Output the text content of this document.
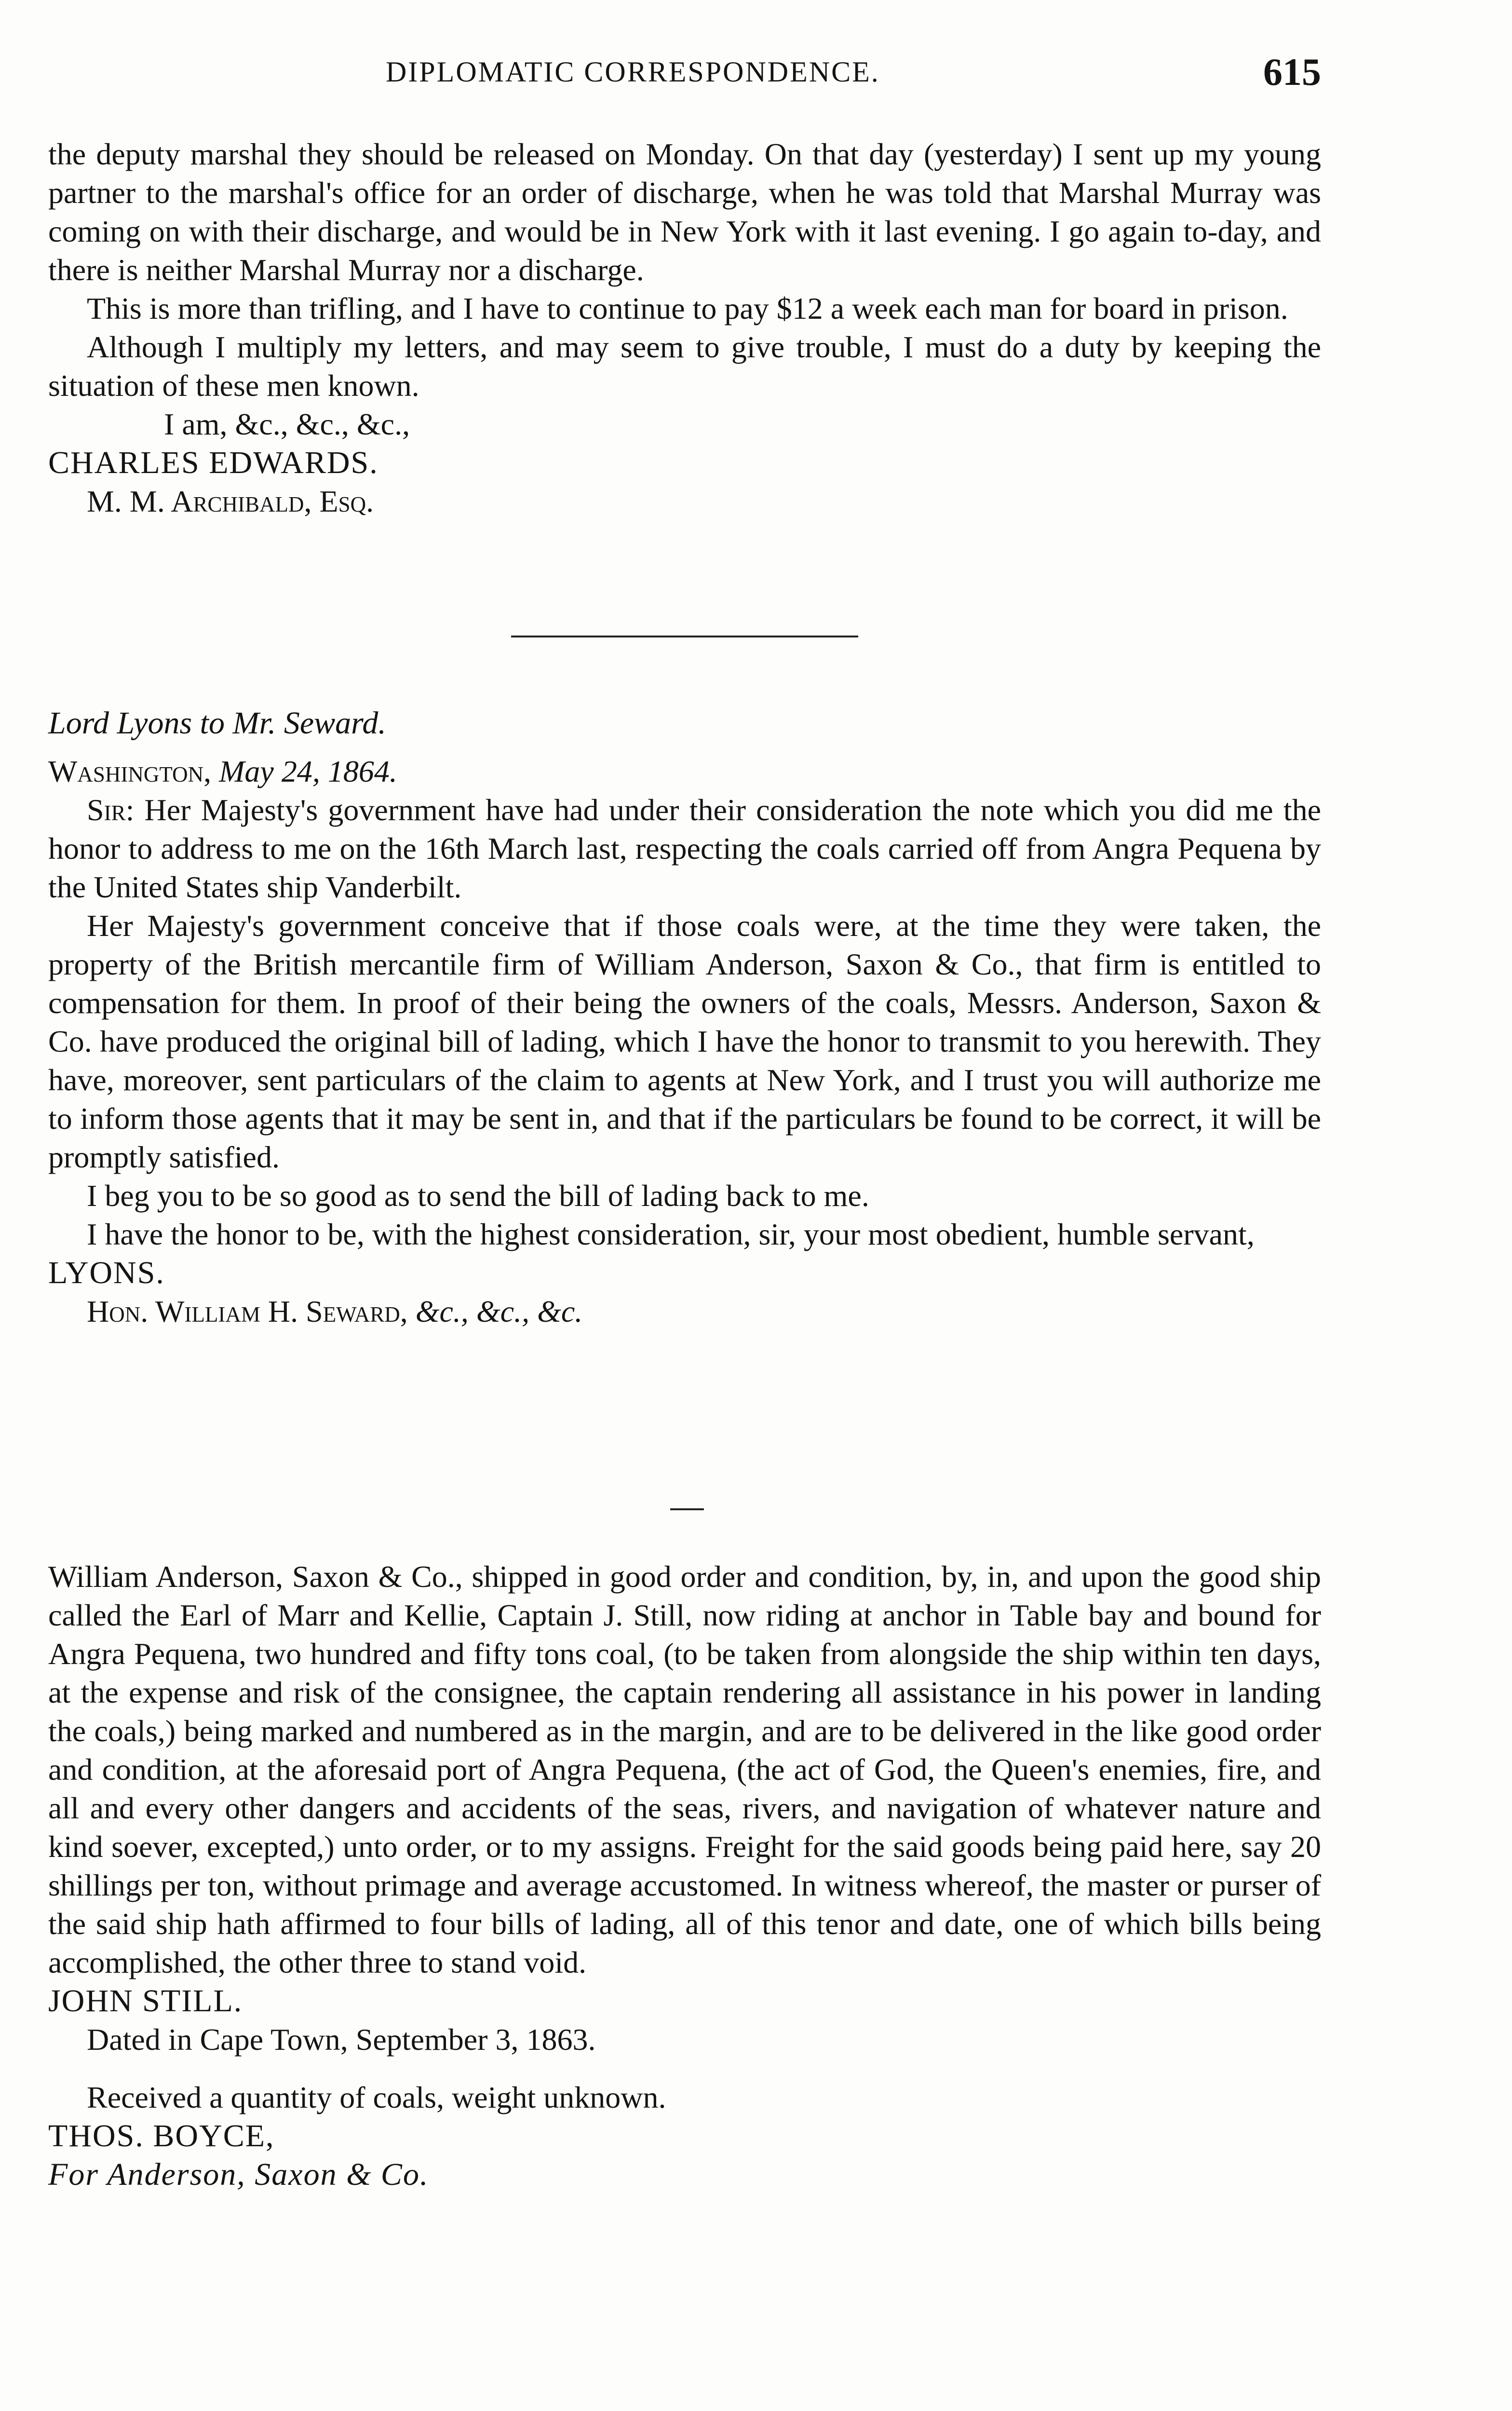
DIPLOMATIC CORRESPONDENCE.	615

the deputy marshal they should be released on Monday. On that day (yesterday) I sent up my young partner to the marshal's office for an order of discharge, when he was told that Marshal Murray was coming on with their discharge, and would be in New York with it last evening. I go again to-day, and there is neither Marshal Murray nor a discharge.

This is more than trifling, and I have to continue to pay $12 a week each man for board in prison.

Although I multiply my letters, and may seem to give trouble, I must do a duty by keeping the situation of these men known.

I am, &c., &c., &c.,

CHARLES EDWARDS.

M. M. Archibald, Esq.

Lord Lyons to Mr. Seward.

Washington, May 24, 1864.

Sir: Her Majesty's government have had under their consideration the note which you did me the honor to address to me on the 16th March last, respecting the coals carried off from Angra Pequena by the United States ship Vanderbilt.

Her Majesty's government conceive that if those coals were, at the time they were taken, the property of the British mercantile firm of William Anderson, Saxon & Co., that firm is entitled to compensation for them. In proof of their being the owners of the coals, Messrs. Anderson, Saxon & Co. have produced the original bill of lading, which I have the honor to transmit to you herewith. They have, moreover, sent particulars of the claim to agents at New York, and I trust you will authorize me to inform those agents that it may be sent in, and that if the particulars be found to be correct, it will be promptly satisfied.

I beg you to be so good as to send the bill of lading back to me.

I have the honor to be, with the highest consideration, sir, your most obedient, humble servant,

LYONS.

Hon. William H. Seward, &c., &c., &c.

William Anderson, Saxon & Co., shipped in good order and condition, by, in, and upon the good ship called the Earl of Marr and Kellie, Captain J. Still, now riding at anchor in Table bay and bound for Angra Pequena, two hundred and fifty tons coal, (to be taken from alongside the ship within ten days, at the expense and risk of the consignee, the captain rendering all assistance in his power in landing the coals,) being marked and numbered as in the margin, and are to be delivered in the like good order and condition, at the aforesaid port of Angra Pequena, (the act of God, the Queen's enemies, fire, and all and every other dangers and accidents of the seas, rivers, and navigation of whatever nature and kind soever, excepted,) unto order, or to my assigns. Freight for the said goods being paid here, say 20 shillings per ton, without primage and average accustomed. In witness whereof, the master or purser of the said ship hath affirmed to four bills of lading, all of this tenor and date, one of which bills being accomplished, the other three to stand void.

JOHN STILL.

Dated in Cape Town, September 3, 1863.

Received a quantity of coals, weight unknown.

THOS. BOYCE,

For Anderson, Saxon & Co.
